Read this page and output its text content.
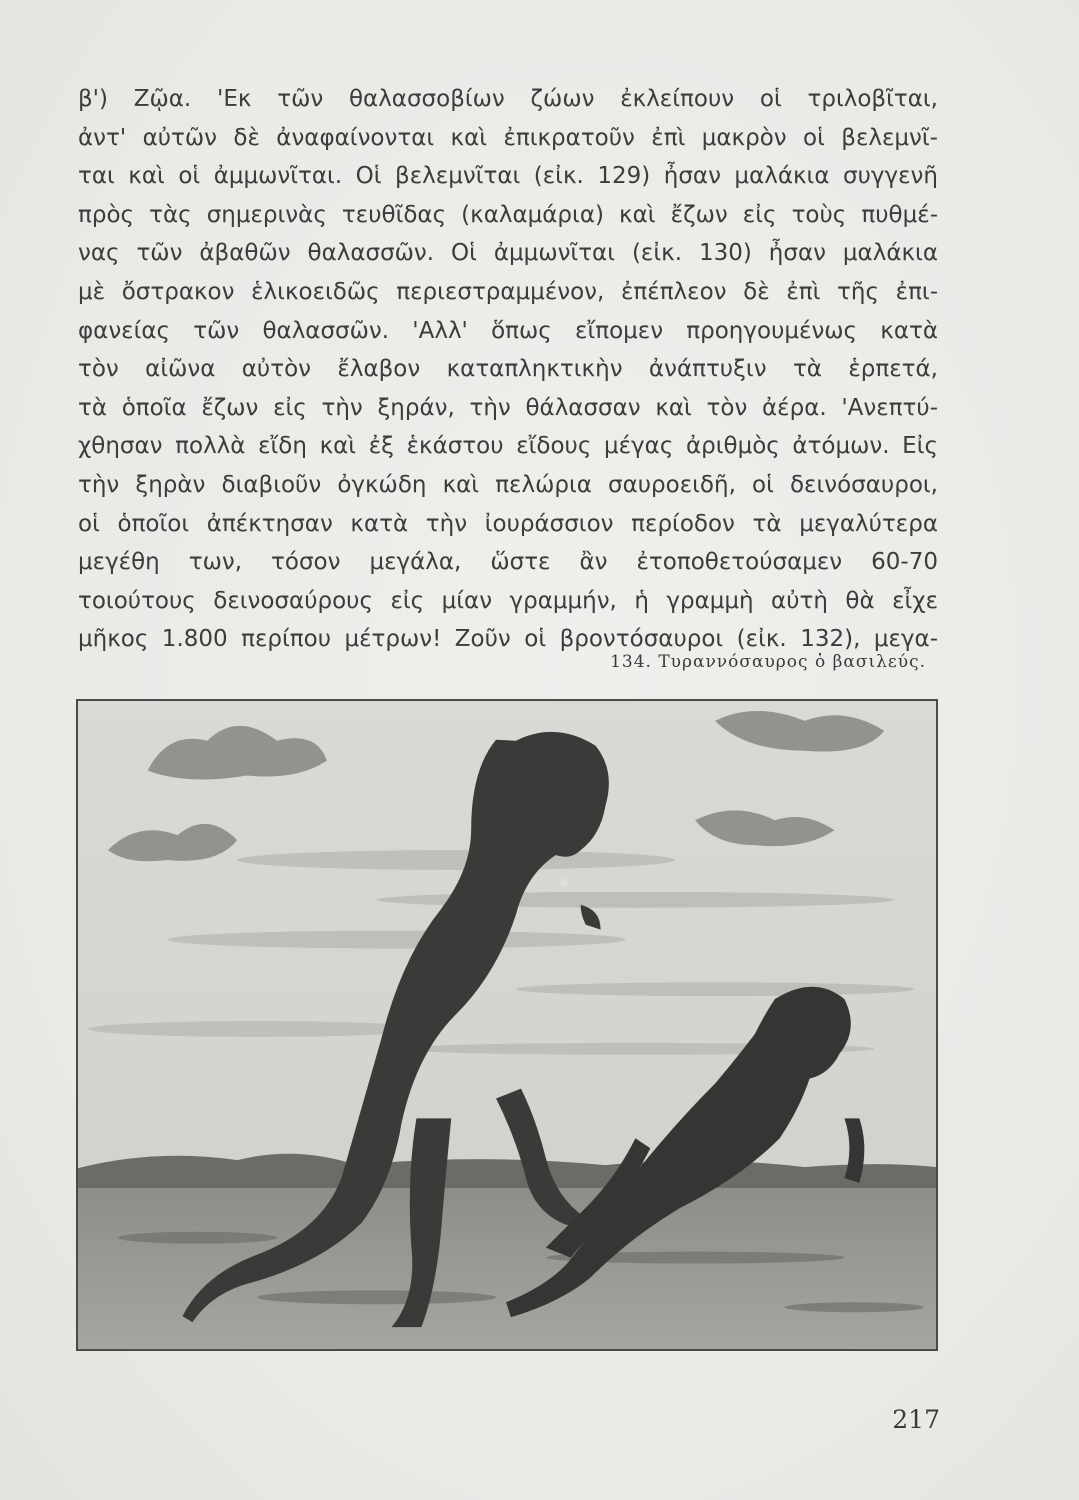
β') Ζῷα. 'Εκ τῶν θαλασσοβίων ζώων ἐκλείπουν οἱ τριλοβῖται,
ἀντ' αὐτῶν δὲ ἀναφαίνονται καὶ ἐπικρατοῦν ἐπὶ μακρὸν οἱ βελεμνῖ-
ται καὶ οἱ ἀμμωνῖται. Οἱ βελεμνῖται (εἰκ. 129) ἦσαν μαλάκια συγγενῆ
πρὸς τὰς σημερινὰς τευθῖδας (καλαμάρια) καὶ ἔζων εἰς τοὺς πυθμέ-
νας τῶν ἀβαθῶν θαλασσῶν. Οἱ ἀμμωνῖται (εἰκ. 130) ἦσαν μαλάκια
μὲ ὄστρακον ἑλικοειδῶς περιεστραμμένον, ἐπέπλεον δὲ ἐπὶ τῆς ἐπι-
φανείας τῶν θαλασσῶν. 'Αλλ' ὅπως εἴπομεν προηγουμένως κατὰ
τὸν αἰῶνα αὐτὸν ἔλαβον καταπληκτικὴν ἀνάπτυξιν τὰ ἑρπετά,
τὰ ὁποῖα ἔζων εἰς τὴν ξηράν, τὴν θάλασσαν καὶ τὸν ἀέρα. 'Ανεπτύ-
χθησαν πολλὰ εἴδη καὶ ἐξ ἑκάστου εἴδους μέγας ἀριθμὸς ἀτόμων. Εἰς
τὴν ξηρὰν διαβιοῦν ὀγκώδη καὶ πελώρια σαυροειδῆ, οἱ δεινόσαυροι,
οἱ ὁποῖοι ἀπέκτησαν κατὰ τὴν ἰουράσσιον περίοδον τὰ μεγαλύτερα
μεγέθη των, τόσον μεγάλα, ὥστε ἂν ἐτοποθετούσαμεν 60-70
τοιούτους δεινοσαύρους εἰς μίαν γραμμήν, ἡ γραμμὴ αὐτὴ θὰ εἶχε
μῆκος 1.800 περίπου μέτρων! Ζοῦν οἱ βροντόσαυροι (εἰκ. 132), μεγα-
134. Τυραννόσαυρος ὁ βασιλεύς.
217
